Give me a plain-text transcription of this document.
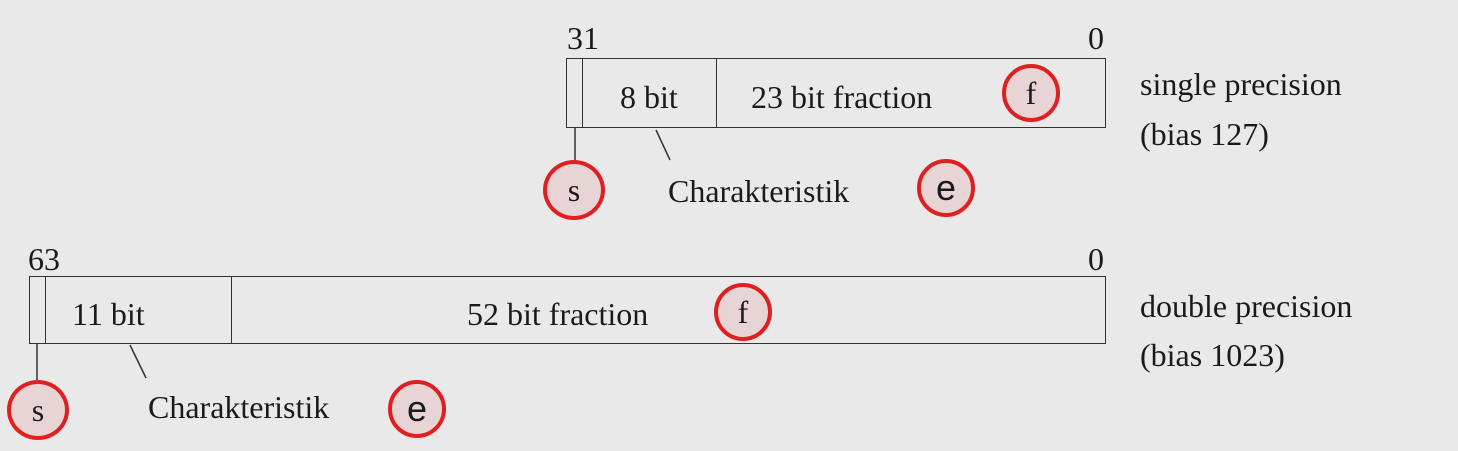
31	0
8 bit 23 bit fraction	f
s	Charakteristik e
single precision
(bias 127)
63	0
11 bit	52 bit fraction	f
s	Charakteristik e
double precision
(bias 1023)
